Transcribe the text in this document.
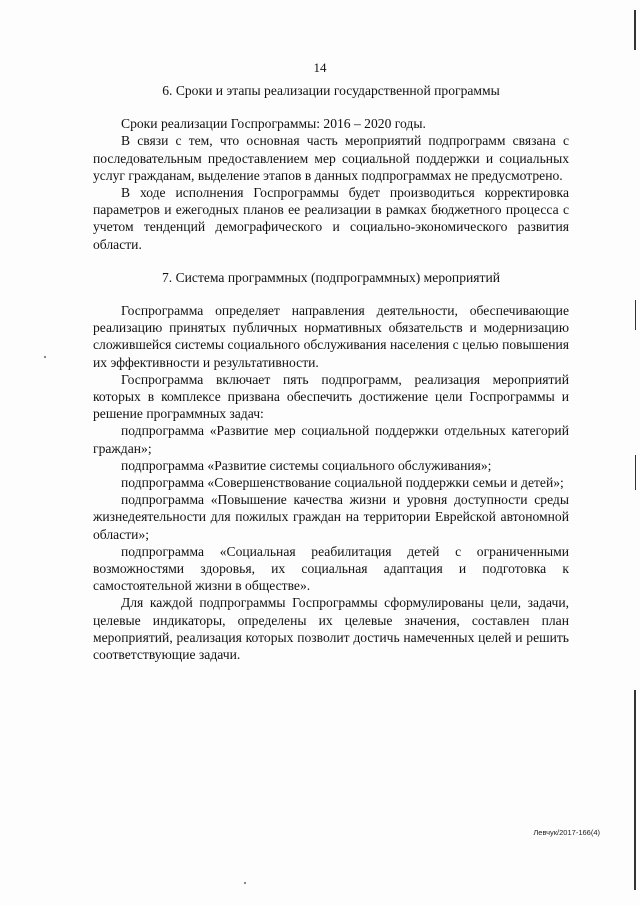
14
6. Сроки и этапы реализации государственной программы

Сроки реализации Госпрограммы: 2016 – 2020 годы.

В связи с тем, что основная часть мероприятий подпрограмм связана с последовательным предоставлением мер социальной поддержки и социальных услуг гражданам, выделение этапов в данных подпрограммах не предусмотрено.

В ходе исполнения Госпрограммы будет производиться корректировка параметров и ежегодных планов ее реализации в рамках бюджетного процесса с учетом тенденций демографического и социально-экономического развития области.

7. Система программных (подпрограммных) мероприятий

Госпрограмма определяет направления деятельности, обеспечивающие реализацию принятых публичных нормативных обязательств и модернизацию сложившейся системы социального обслуживания населения с целью повышения их эффективности и результативности.

Госпрограмма включает пять подпрограмм, реализация мероприятий которых в комплексе призвана обеспечить достижение цели Госпрограммы и решение программных задач:

подпрограмма «Развитие мер социальной поддержки отдельных категорий граждан»;

подпрограмма «Развитие системы социального обслуживания»;

подпрограмма «Совершенствование социальной поддержки семьи и детей»;

подпрограмма «Повышение качества жизни и уровня доступности среды жизнедеятельности для пожилых граждан на территории Еврейской автономной области»;

подпрограмма «Социальная реабилитация детей с ограниченными возможностями здоровья, их социальная адаптация и подготовка к самостоятельной жизни в обществе».

Для каждой подпрограммы Госпрограммы сформулированы цели, задачи, целевые индикаторы, определены их целевые значения, составлен план мероприятий, реализация которых позволит достичь намеченных целей и решить соответствующие задачи.

Левчук/2017-166(4)
